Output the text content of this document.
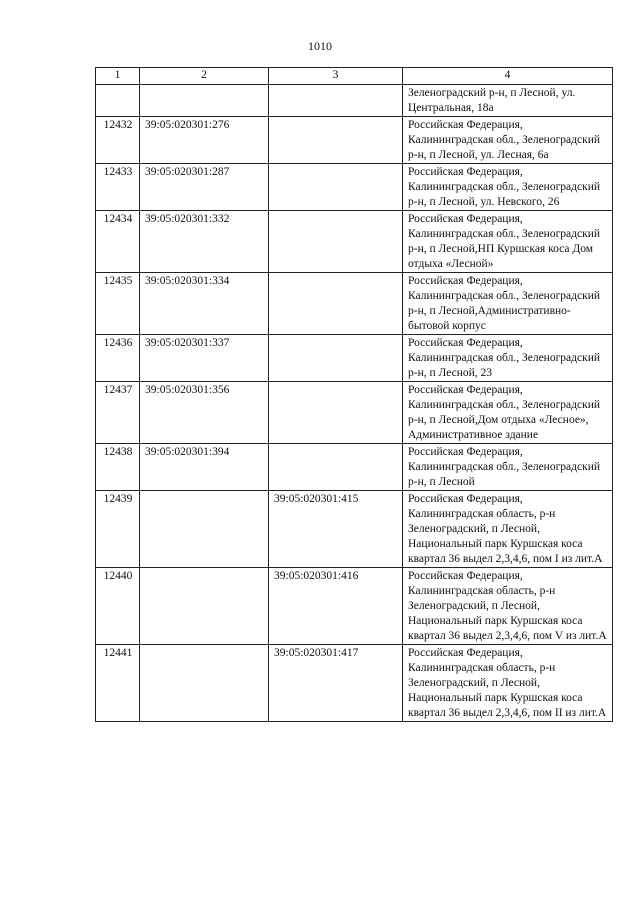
1010
1	2	3	4
			Зеленоградский р-н, п Лесной, ул. Центральная, 18а
12432	39:05:020301:276		Российская Федерация, Калининградская обл., Зеленоградский р-н, п Лесной, ул. Лесная, 6а
12433	39:05:020301:287		Российская Федерация, Калининградская обл., Зеленоградский р-н, п Лесной, ул. Невского, 26
12434	39:05:020301:332		Российская Федерация, Калининградская обл., Зеленоградский р-н, п Лесной,НП Куршская коса Дом отдыха «Лесной»
12435	39:05:020301:334		Российская Федерация, Калининградская обл., Зеленоградский р-н, п Лесной,Административно-бытовой корпус
12436	39:05:020301:337		Российская Федерация, Калининградская обл., Зеленоградский р-н, п Лесной, 23
12437	39:05:020301:356		Российская Федерация, Калининградская обл., Зеленоградский р-н, п Лесной,Дом отдыха «Лесное», Административное здание
12438	39:05:020301:394		Российская Федерация, Калининградская обл., Зеленоградский р-н, п Лесной
12439		39:05:020301:415	Российская Федерация, Калининградская область, р-н Зеленоградский, п Лесной, Национальный парк Куршская коса квартал 36 выдел 2,3,4,6, пом I из лит.А
12440		39:05:020301:416	Российская Федерация, Калининградская область, р-н Зеленоградский, п Лесной, Национальный парк Куршская коса квартал 36 выдел 2,3,4,6, пом V из лит.А
12441		39:05:020301:417	Российская Федерация, Калининградская область, р-н Зеленоградский, п Лесной, Национальный парк Куршская коса квартал 36 выдел 2,3,4,6, пом II из лит.А
